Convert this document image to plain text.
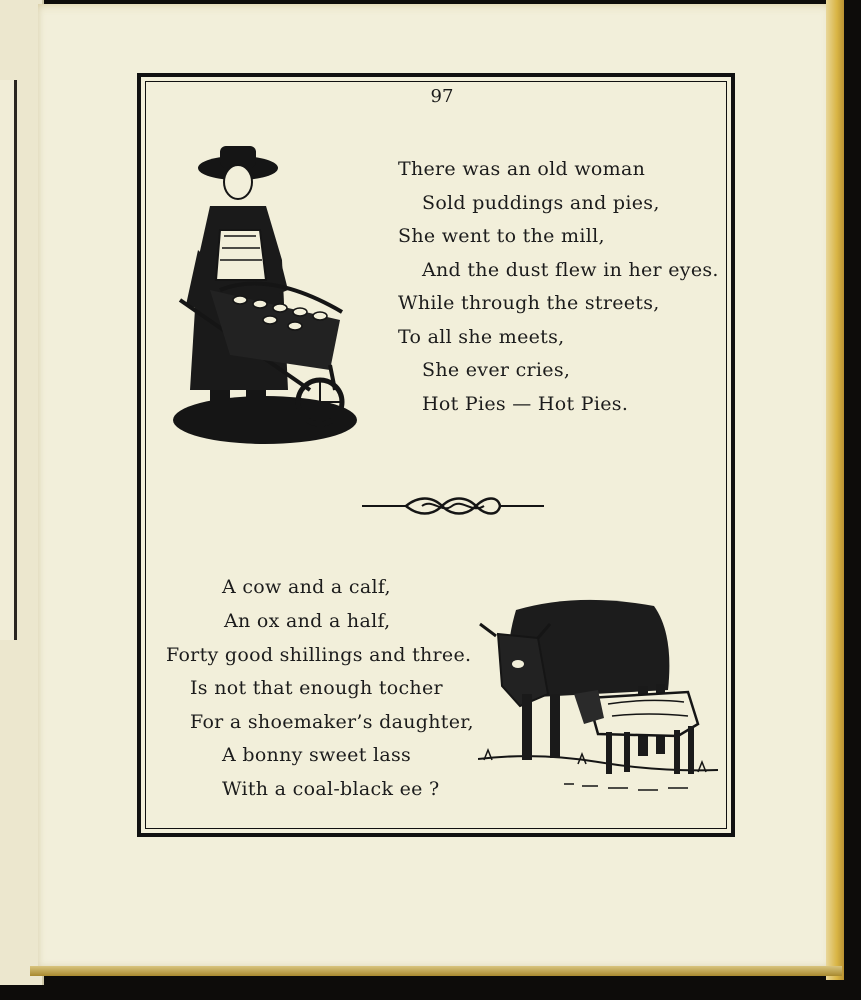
97
There was an old woman
Sold puddings and pies,
She went to the mill,
And the dust flew in her eyes.
While through the streets,
To all she meets,
She ever cries,
Hot Pies — Hot Pies.
A cow and a calf,
An ox and a half,
Forty good shillings and three.
Is not that enough tocher
For a shoemaker’s daughter,
A bonny sweet lass
With a coal-black ee ?
